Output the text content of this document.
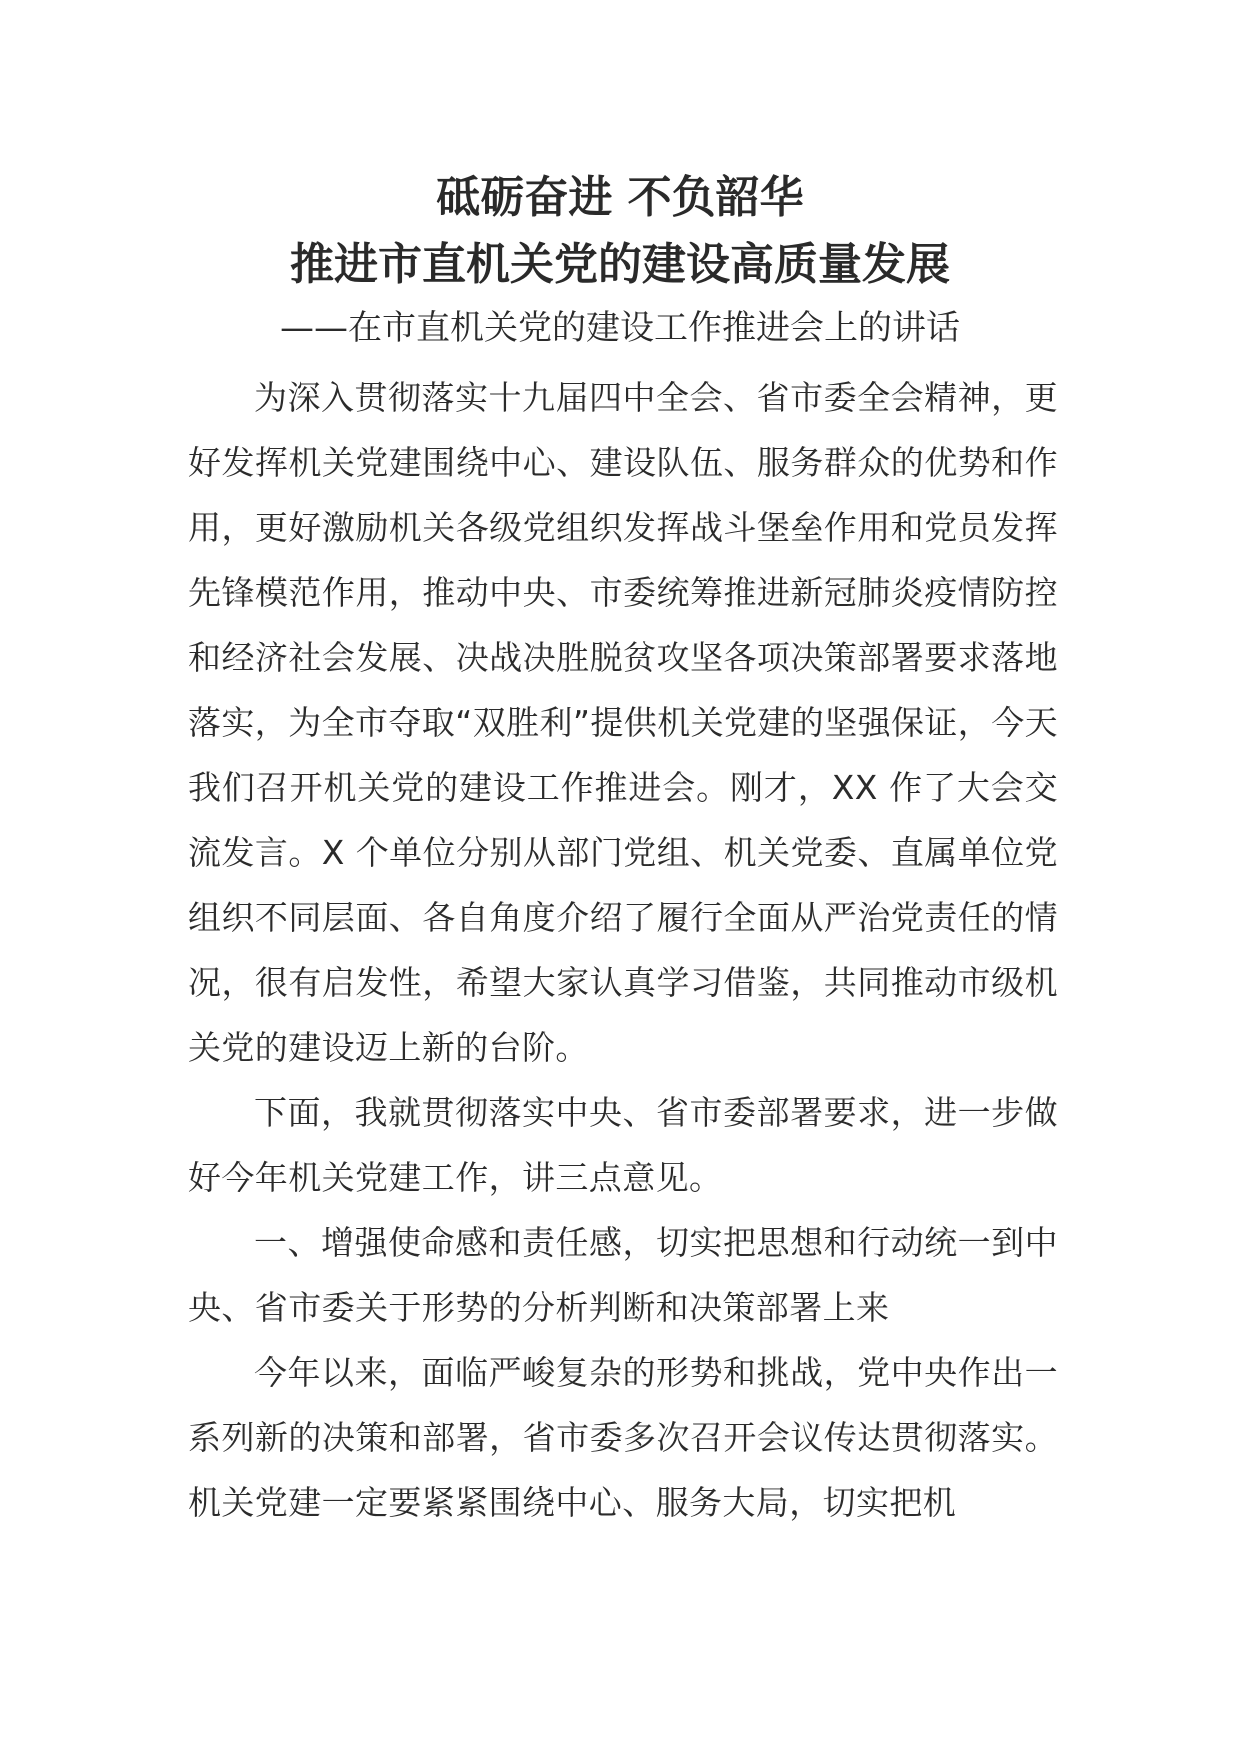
砥砺奋进 不负韶华
推进市直机关党的建设高质量发展
——在市直机关党的建设工作推进会上的讲话

为深入贯彻落实十九届四中全会、省市委全会精神，更好发挥机关党建围绕中心、建设队伍、服务群众的优势和作用，更好激励机关各级党组织发挥战斗堡垒作用和党员发挥先锋模范作用，推动中央、市委统筹推进新冠肺炎疫情防控和经济社会发展、决战决胜脱贫攻坚各项决策部署要求落地落实，为全市夺取“双胜利”提供机关党建的坚强保证，今天我们召开机关党的建设工作推进会。刚才，XX 作了大会交流发言。X 个单位分别从部门党组、机关党委、直属单位党组织不同层面、各自角度介绍了履行全面从严治党责任的情况，很有启发性，希望大家认真学习借鉴，共同推动市级机关党的建设迈上新的台阶。

下面，我就贯彻落实中央、省市委部署要求，进一步做好今年机关党建工作，讲三点意见。

一、增强使命感和责任感，切实把思想和行动统一到中央、省市委关于形势的分析判断和决策部署上来

今年以来，面临严峻复杂的形势和挑战，党中央作出一系列新的决策和部署，省市委多次召开会议传达贯彻落实。机关党建一定要紧紧围绕中心、服务大局，切实把机
